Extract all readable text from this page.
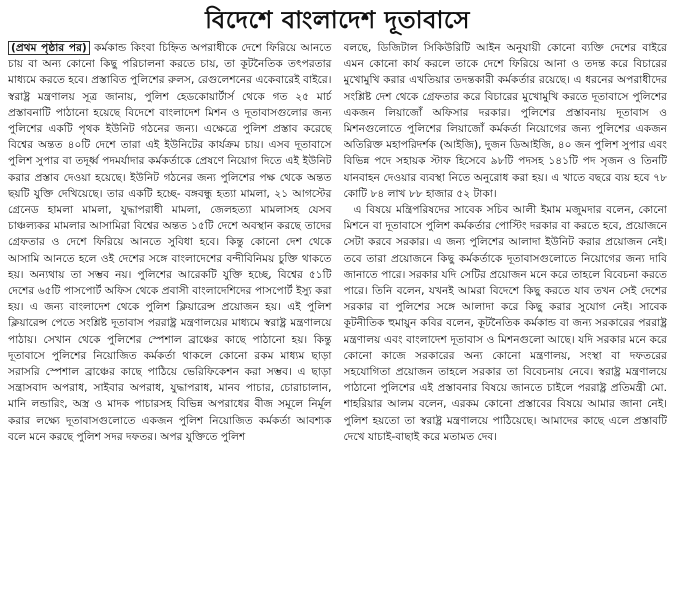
বিদেশে বাংলাদেশ দূতাবাসে

(প্রথম পৃষ্ঠার পর) কর্মকান্ড কিংবা চিহ্নিত অপরাধীকে দেশে ফিরিয়ে আনতে চায় বা অন্য কোনো কিছু পরিচালনা করতে চায়, তা কূটনৈতিক তৎপরতার মাধ্যমে করতে হবে। প্রস্তাবিত পুলিশের রুলস, রেগুলেশনের একেবারেই বাইরে। স্বরাষ্ট্র মন্ত্রণালয় সূত্র জানায়, পুলিশ হেডকোয়ার্টার্স থেকে গত ২৫ মার্চ প্রস্তাবনাটি পাঠানো হয়েছে বিদেশে বাংলাদেশ মিশন ও দূতাবাসগুলোর জন্য পুলিশের একটি পৃথক ইউনিট গঠনের জন্য। এক্ষেত্রে পুলিশ প্রস্তাব করেছে বিশ্বের অন্তত ৪০টি দেশে তারা এই ইউনিটের কার্যক্রম চায়। এসব দূতাবাসে পুলিশ সুপার বা তদূর্ধ্ব পদমর্যাদার কর্মকর্তাকে প্রেষণে নিয়োগ দিতে এই ইউনিট করার প্রস্তাব দেওয়া হয়েছে। ইউনিট গঠনের জন্য পুলিশের পক্ষ থেকে অন্তত ছয়টি যুক্তি দেখিয়েছে। তার একটি হচ্ছে- বঙ্গবন্ধু হত্যা মামলা, ২১ আগস্টের গ্রেনেড হামলা মামলা, যুদ্ধাপরাধী মামলা, জেলহত্যা মামলাসহ যেসব চাঞ্চল্যকর মামলার আসামিরা বিশ্বের অন্তত ১৫টি দেশে অবস্থান করছে তাদের গ্রেফতার ও দেশে ফিরিয়ে আনতে সুবিধা হবে। কিন্তু কোনো দেশ থেকে আসামি আনতে হলে ওই দেশের সঙ্গে বাংলাদেশের বন্দীবিনিময় চুক্তি থাকতে হয়। অন্যথায় তা সম্ভব নয়। পুলিশের আরেকটি যুক্তি হচ্ছে, বিশ্বের ৫১টি দেশের ৬৫টি পাসপোর্ট অফিস থেকে প্রবাসী বাংলাদেশিদের পাসপোর্ট ইস্যু করা হয়। এ জন্য বাংলাদেশ থেকে পুলিশ ক্লিয়ারেন্স প্রয়োজন হয়। এই পুলিশ ক্লিয়ারেন্স পেতে সংশ্লিষ্ট দূতাবাস পররাষ্ট্র মন্ত্রণালয়ের মাধ্যমে স্বরাষ্ট্র মন্ত্রণালয়ে পাঠায়। সেখান থেকে পুলিশের স্পেশাল ব্রাঞ্চের কাছে পাঠানো হয়। কিন্তু দূতাবাসে পুলিশের নিয়োজিত কর্মকর্তা থাকলে কোনো রকম মাধ্যম ছাড়া সরাসরি স্পেশাল ব্রাঞ্চের কাছে পাঠিয়ে ভেরিফিকেশন করা সম্ভব। এ ছাড়া সন্ত্রাসবাদ অপরাধ, সাইবার অপরাধ, যুদ্ধাপরাধ, মানব পাচার, চোরাচালান, মানি লন্ডারিং, অস্ত্র ও মাদক পাচারসহ বিভিন্ন অপরাধের বীজ সমূলে নির্মূল করার লক্ষ্যে দূতাবাসগুলোতে একজন পুলিশ নিয়োজিত কর্মকর্তা আবশ্যক বলে মনে করছে পুলিশ সদর দফতর। অপর যুক্তিতে পুলিশ

বলছে, ডিজিটাল সিকিউরিটি আইন অনুযায়ী কোনো ব্যক্তি দেশের বাইরে এমন কোনো কার্য করলে তাকে দেশে ফিরিয়ে আনা ও তদন্ত করে বিচারের মুখোমুখি করার এখতিয়ার তদন্তকারী কর্মকর্তার রয়েছে। এ ধরনের অপরাধীদের সংশ্লিষ্ট দেশ থেকে গ্রেফতার করে বিচারের মুখোমুখি করতে দূতাবাসে পুলিশের একজন লিয়াজোঁ অফিসার দরকার। পুলিশের প্রস্তাবনায় দূতাবাস ও মিশনগুলোতে পুলিশের লিয়াজোঁ কর্মকর্তা নিয়োগের জন্য পুলিশের একজন অতিরিক্ত মহাপরিদর্শক (আইজি), দুজন ডিআইজি, ৪০ জন পুলিশ সুপার এবং বিভিন্ন পদে সহায়ক স্টাফ হিসেবে ৯৮টি পদসহ ১৪১টি পদ সৃজন ও তিনটি যানবাহন দেওয়ার ব্যবস্থা নিতে অনুরোধ করা হয়। এ খাতে বছরে ব্যয় হবে ৭৮ কোটি ৮৪ লাখ ৮৮ হাজার ৫২ টাকা।

এ বিষয়ে মন্ত্রিপরিষদের সাবেক সচিব আলী ইমাম মজুমদার বলেন, কোনো মিশনে বা দূতাবাসে পুলিশ কর্মকর্তার পোস্টিং দরকার বা করতে হবে, প্রয়োজনে সেটা করবে সরকার। এ জন্য পুলিশের আলাদা ইউনিট করার প্রয়োজন নেই। তবে তারা প্রয়োজনে কিছু কর্মকর্তাকে দূতাবাসগুলোতে নিয়োগের জন্য দাবি জানাতে পারে। সরকার যদি সেটির প্রয়োজন মনে করে তাহলে বিবেচনা করতে পারে। তিনি বলেন, যখনই আমরা বিদেশে কিছু করতে যাব তখন সেই দেশের সরকার বা পুলিশের সঙ্গে আলাদা করে কিছু করার সুযোগ নেই। সাবেক কূটনীতিক হুমায়ুন কবির বলেন, কূটনৈতিক কর্মকান্ড বা জন্য সরকারের পররাষ্ট্র মন্ত্রণালয় এবং বাংলাদেশ দূতাবাস ও মিশনগুলো আছে। যদি সরকার মনে করে কোনো কাজে সরকারের অন্য কোনো মন্ত্রণালয়, সংস্থা বা দফতরের সহযোগিতা প্রয়োজন তাহলে সরকার তা বিবেচনায় নেবে। স্বরাষ্ট্র মন্ত্রণালয়ে পাঠানো পুলিশের এই প্রস্তাবনার বিষয়ে জানতে চাইলে পররাষ্ট্র প্রতিমন্ত্রী মো. শাহরিয়ার আলম বলেন, এরকম কোনো প্রস্তাবের বিষয়ে আমার জানা নেই। পুলিশ হয়তো তা স্বরাষ্ট্র মন্ত্রণালয়ে পাঠিয়েছে। আমাদের কাছে এলে প্রস্তাবটি দেখে যাচাই-বাছাই করে মতামত দেব।
